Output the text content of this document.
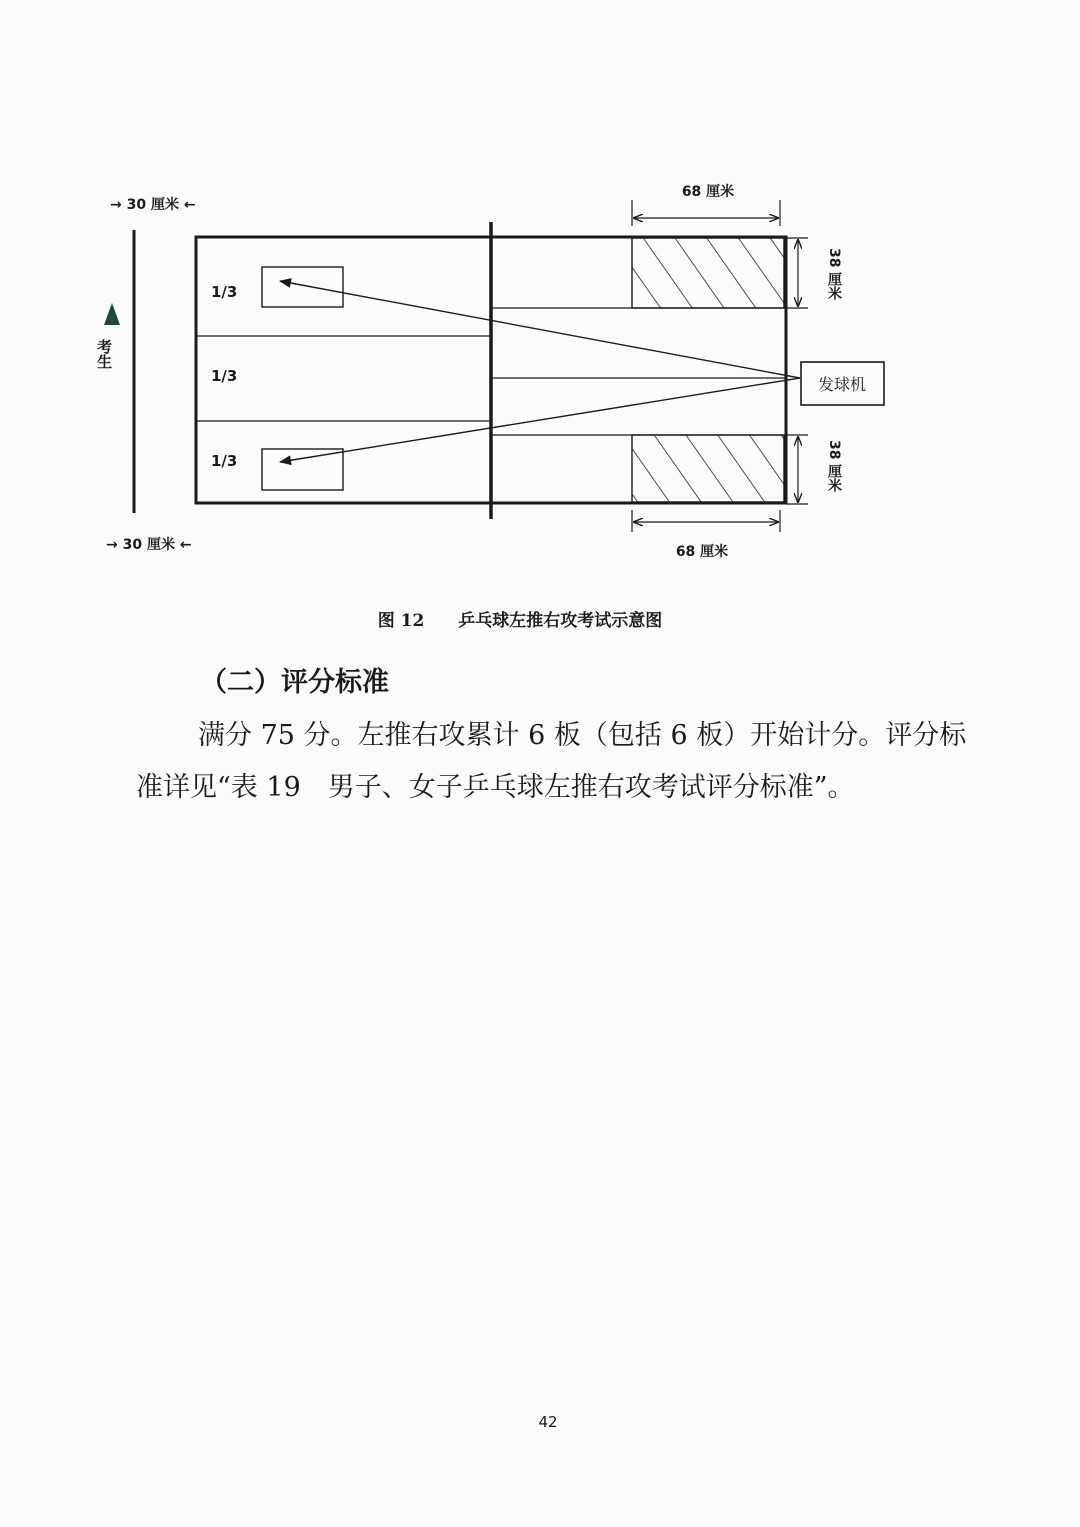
→ 30 厘米 ←
考生
1/3
1/3
1/3
发球机
68 厘米
68 厘米
38 厘米
38 厘米
→ 30 厘米 ←
图 12 乒乓球左推右攻考试示意图
（二）评分标准

满分 75 分。左推右攻累计 6 板（包括 6 板）开始计分。评分标准详见“表 19　男子、女子乒乓球左推右攻考试评分标准”。

42
